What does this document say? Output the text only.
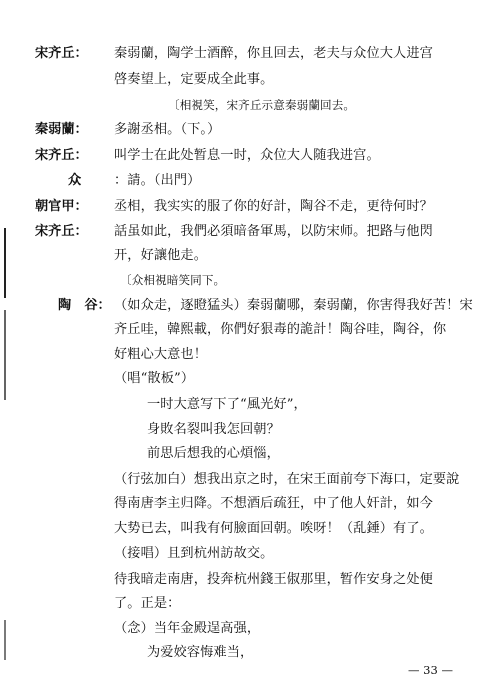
宋齐丘： 秦弱蘭，陶学士酒醉，你且回去，老夫与众位大人进宫
啓奏望上，定要成全此事。
〔相視笑，宋齐丘示意秦弱蘭回去。
秦弱蘭： 多謝丞相。（下。）
宋齐丘： 叫学士在此处暂息一时，众位大人随我进宫。
众 ：請。（出門）
朝官甲： 丞相，我实实的服了你的好計，陶谷不走，更待何时？
宋齐丘： 話虽如此，我們必須暗备軍馬，以防宋师。把路与他閃
开，好讓他走。
〔众相視暗笑同下。
陶　谷： （如众走，逐瞪猛头）秦弱蘭哪，秦弱蘭，你害得我好苦！宋
齐丘哇，韓熙載，你們好狠毒的詭計！陶谷哇，陶谷，你
好粗心大意也！
（唱“散板”）
一时大意写下了“風光好”，
身敗名裂叫我怎回朝？
前思后想我的心煩惱，
（行弦加白）想我出京之时，在宋王面前夸下海口，定要說
得南唐李主归降。不想酒后疏狂，中了他人奸計，如今
大势已去，叫我有何臉面回朝。唉呀！（乱錘）有了。
（接唱）且到杭州訪故交。
待我暗走南唐，投奔杭州錢王俶那里，暂作安身之处便
了。正是：
（念）当年金殿逞高强，
为爱姣容悔难当，
— 33 —
